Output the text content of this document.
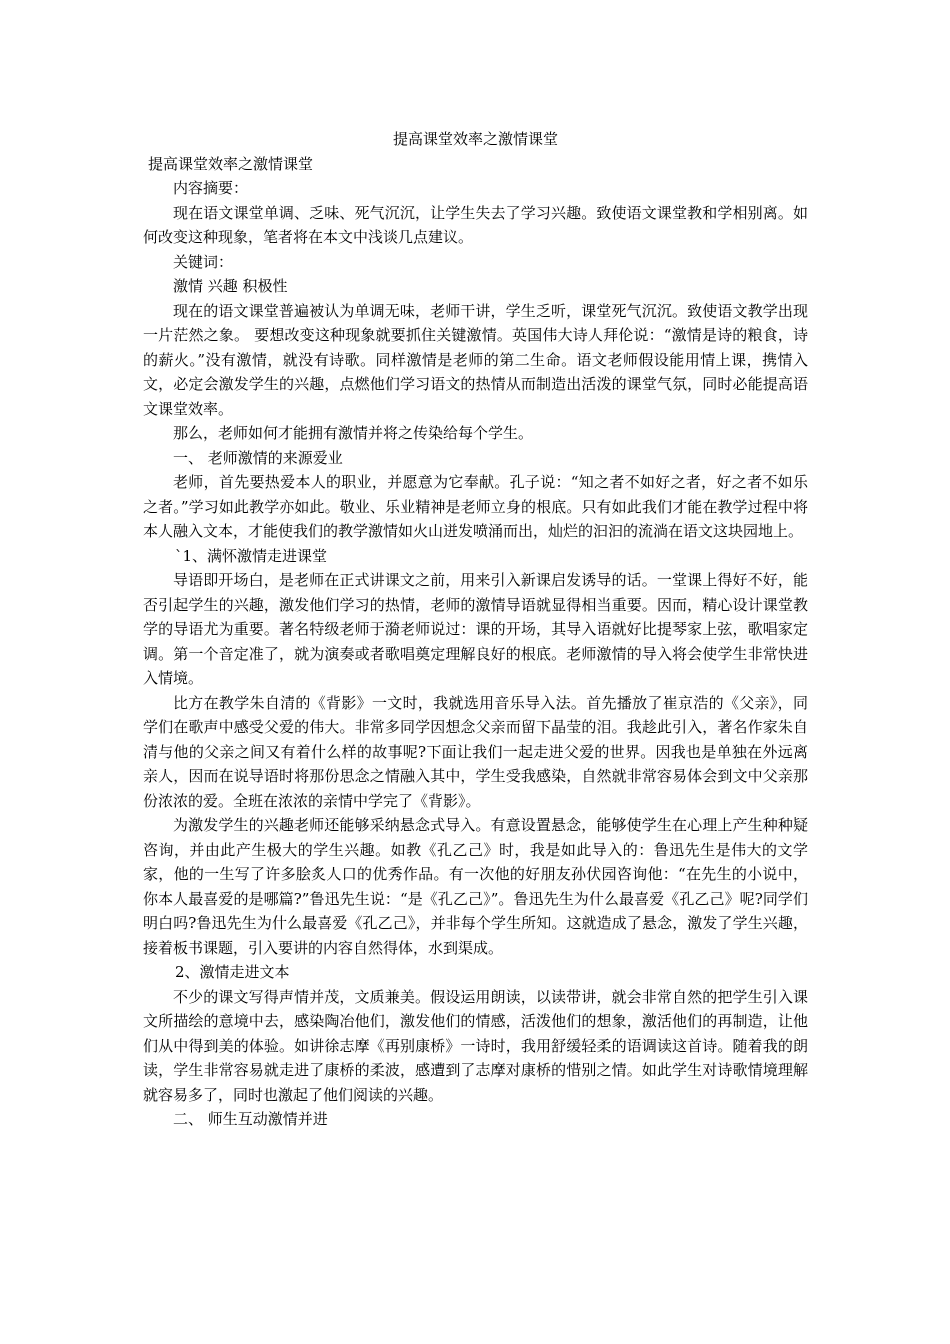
提高课堂效率之激情课堂

提高课堂效率之激情课堂

内容摘要：

现在语文课堂单调、乏味、死气沉沉，让学生失去了学习兴趣。致使语文课堂教和学相别离。如何改变这种现象，笔者将在本文中浅谈几点建议。

关键词：

激情 兴趣 积极性

现在的语文课堂普遍被认为单调无味，老师干讲，学生乏听，课堂死气沉沉。致使语文教学出现一片茫然之象。 要想改变这种现象就要抓住关键激情。英国伟大诗人拜伦说：“激情是诗的粮食，诗的薪火。”没有激情，就没有诗歌。同样激情是老师的第二生命。语文老师假设能用情上课，携情入文，必定会激发学生的兴趣，点燃他们学习语文的热情从而制造出活泼的课堂气氛，同时必能提高语文课堂效率。

那么，老师如何才能拥有激情并将之传染给每个学生。

一、 老师激情的来源爱业

老师，首先要热爱本人的职业，并愿意为它奉献。孔子说：“知之者不如好之者，好之者不如乐之者。”学习如此教学亦如此。敬业、乐业精神是老师立身的根底。只有如此我们才能在教学过程中将本人融入文本，才能使我们的教学激情如火山迸发喷涌而出，灿烂的汩汩的流淌在语文这块园地上。

`1、满怀激情走进课堂

导语即开场白，是老师在正式讲课文之前，用来引入新课启发诱导的话。一堂课上得好不好，能否引起学生的兴趣，激发他们学习的热情，老师的激情导语就显得相当重要。因而，精心设计课堂教学的导语尤为重要。著名特级老师于漪老师说过：课的开场，其导入语就好比提琴家上弦，歌唱家定调。第一个音定准了，就为演奏或者歌唱奠定理解良好的根底。老师激情的导入将会使学生非常快进入情境。

比方在教学朱自清的《背影》一文时，我就选用音乐导入法。首先播放了崔京浩的《父亲》，同学们在歌声中感受父爱的伟大。非常多同学因想念父亲而留下晶莹的泪。我趁此引入，著名作家朱自清与他的父亲之间又有着什么样的故事呢?下面让我们一起走进父爱的世界。因我也是单独在外远离亲人，因而在说导语时将那份思念之情融入其中，学生受我感染，自然就非常容易体会到文中父亲那份浓浓的爱。全班在浓浓的亲情中学完了《背影》。

为激发学生的兴趣老师还能够采纳悬念式导入。有意设置悬念，能够使学生在心理上产生种种疑咨询，并由此产生极大的学生兴趣。如教《孔乙己》时，我是如此导入的：鲁迅先生是伟大的文学家，他的一生写了许多脍炙人口的优秀作品。有一次他的好朋友孙伏园咨询他：“在先生的小说中，你本人最喜爱的是哪篇?”鲁迅先生说：“是《孔乙己》”。鲁迅先生为什么最喜爱《孔乙己》呢?同学们明白吗?鲁迅先生为什么最喜爱《孔乙己》，并非每个学生所知。这就造成了悬念，激发了学生兴趣，接着板书课题，引入要讲的内容自然得体，水到渠成。

2、激情走进文本

不少的课文写得声情并茂，文质兼美。假设运用朗读，以读带讲，就会非常自然的把学生引入课文所描绘的意境中去，感染陶冶他们，激发他们的情感，活泼他们的想象，激活他们的再制造，让他们从中得到美的体验。如讲徐志摩《再别康桥》一诗时，我用舒缓轻柔的语调读这首诗。随着我的朗读，学生非常容易就走进了康桥的柔波，感遭到了志摩对康桥的惜别之情。如此学生对诗歌情境理解就容易多了，同时也激起了他们阅读的兴趣。

二、 师生互动激情并进
